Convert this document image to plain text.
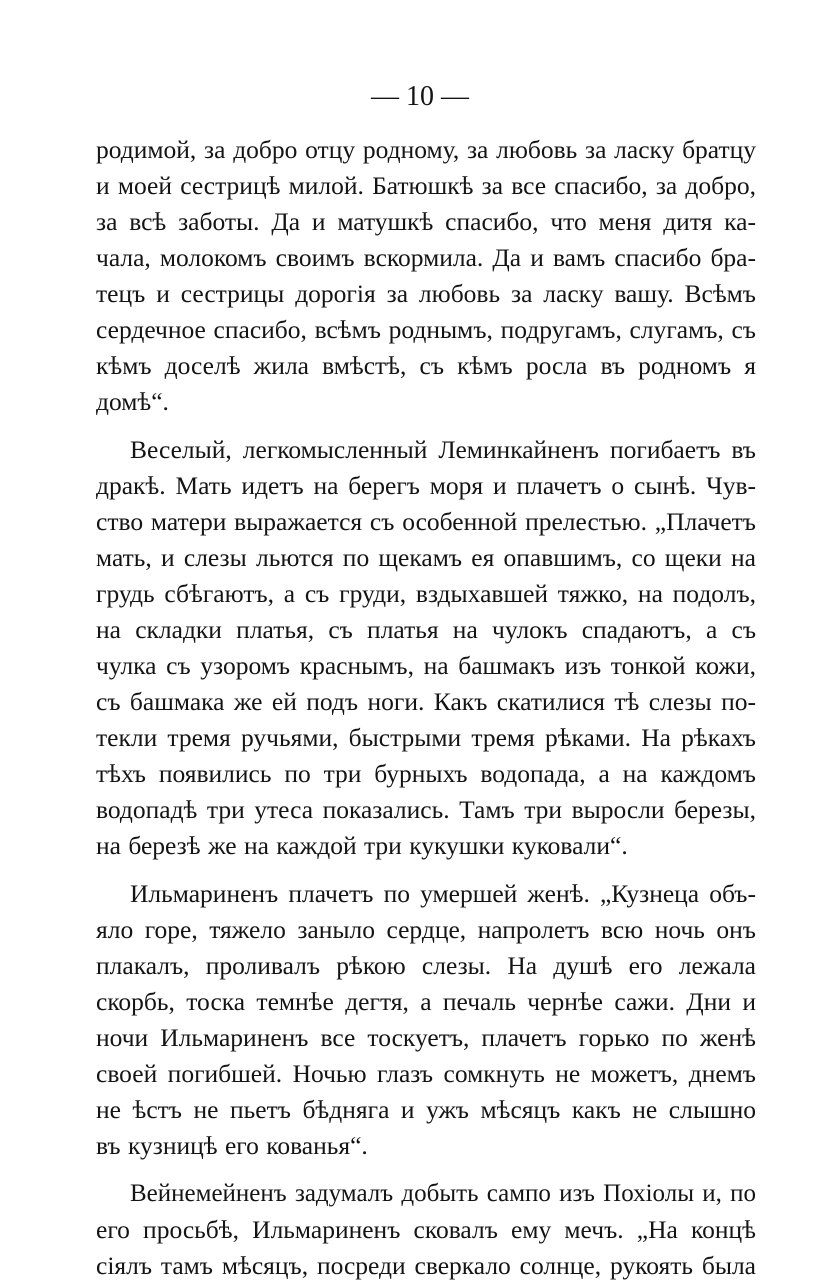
— 10 —
родимой, за добро отцу родному, за любовь за ласку братцу
и моей сестрицѣ милой. Батюшкѣ за все спасибо, за добро,
за всѣ заботы. Да и матушкѣ спасибо, что меня дитя ка-
чала, молокомъ своимъ вскормила. Да и вамъ спасибо бра-
тецъ и сестрицы дорогія за любовь за ласку вашу. Всѣмъ
сердечное спасибо, всѣмъ роднымъ, подругамъ, слугамъ, съ
кѣмъ доселѣ жила вмѣстѣ, съ кѣмъ росла въ родномъ я
домѣ“.
Веселый, легкомысленный Леминкайненъ погибаетъ въ
дракѣ. Мать идетъ на берегъ моря и плачетъ о сынѣ. Чув-
ство матери выражается съ особенной прелестью. „Плачетъ
мать, и слезы льются по щекамъ ея опавшимъ, со щеки на
грудь сбѣгаютъ, а съ груди, вздыхавшей тяжко, на подолъ,
на складки платья, съ платья на чулокъ спадаютъ, а съ
чулка съ узоромъ краснымъ, на башмакъ изъ тонкой кожи,
съ башмака же ей подъ ноги. Какъ скатилися тѣ слезы по-
текли тремя ручьями, быстрыми тремя рѣками. На рѣкахъ
тѣхъ появились по три бурныхъ водопада, а на каждомъ
водопадѣ три утеса показались. Тамъ три выросли березы,
на березѣ же на каждой три кукушки куковали“.
Ильмариненъ плачетъ по умершей женѣ. „Кузнеца объ-
яло горе, тяжело заныло сердце, напролетъ всю ночь онъ
плакалъ, проливалъ рѣкою слезы. На душѣ его лежала
скорбь, тоска темнѣе дегтя, а печаль чернѣе сажи. Дни и
ночи Ильмариненъ все тоскуетъ, плачетъ горько по женѣ
своей погибшей. Ночью глазъ сомкнуть не можетъ, днемъ
не ѣстъ не пьетъ бѣдняга и ужъ мѣсяцъ какъ не слышно
въ кузницѣ его кованья“.
Вейнемейненъ задумалъ добыть сампо изъ Похіолы и, по
его просьбѣ, Ильмариненъ сковалъ ему мечъ. „На концѣ
сіялъ тамъ мѣсяцъ, посреди сверкало солнце, рукоять была
